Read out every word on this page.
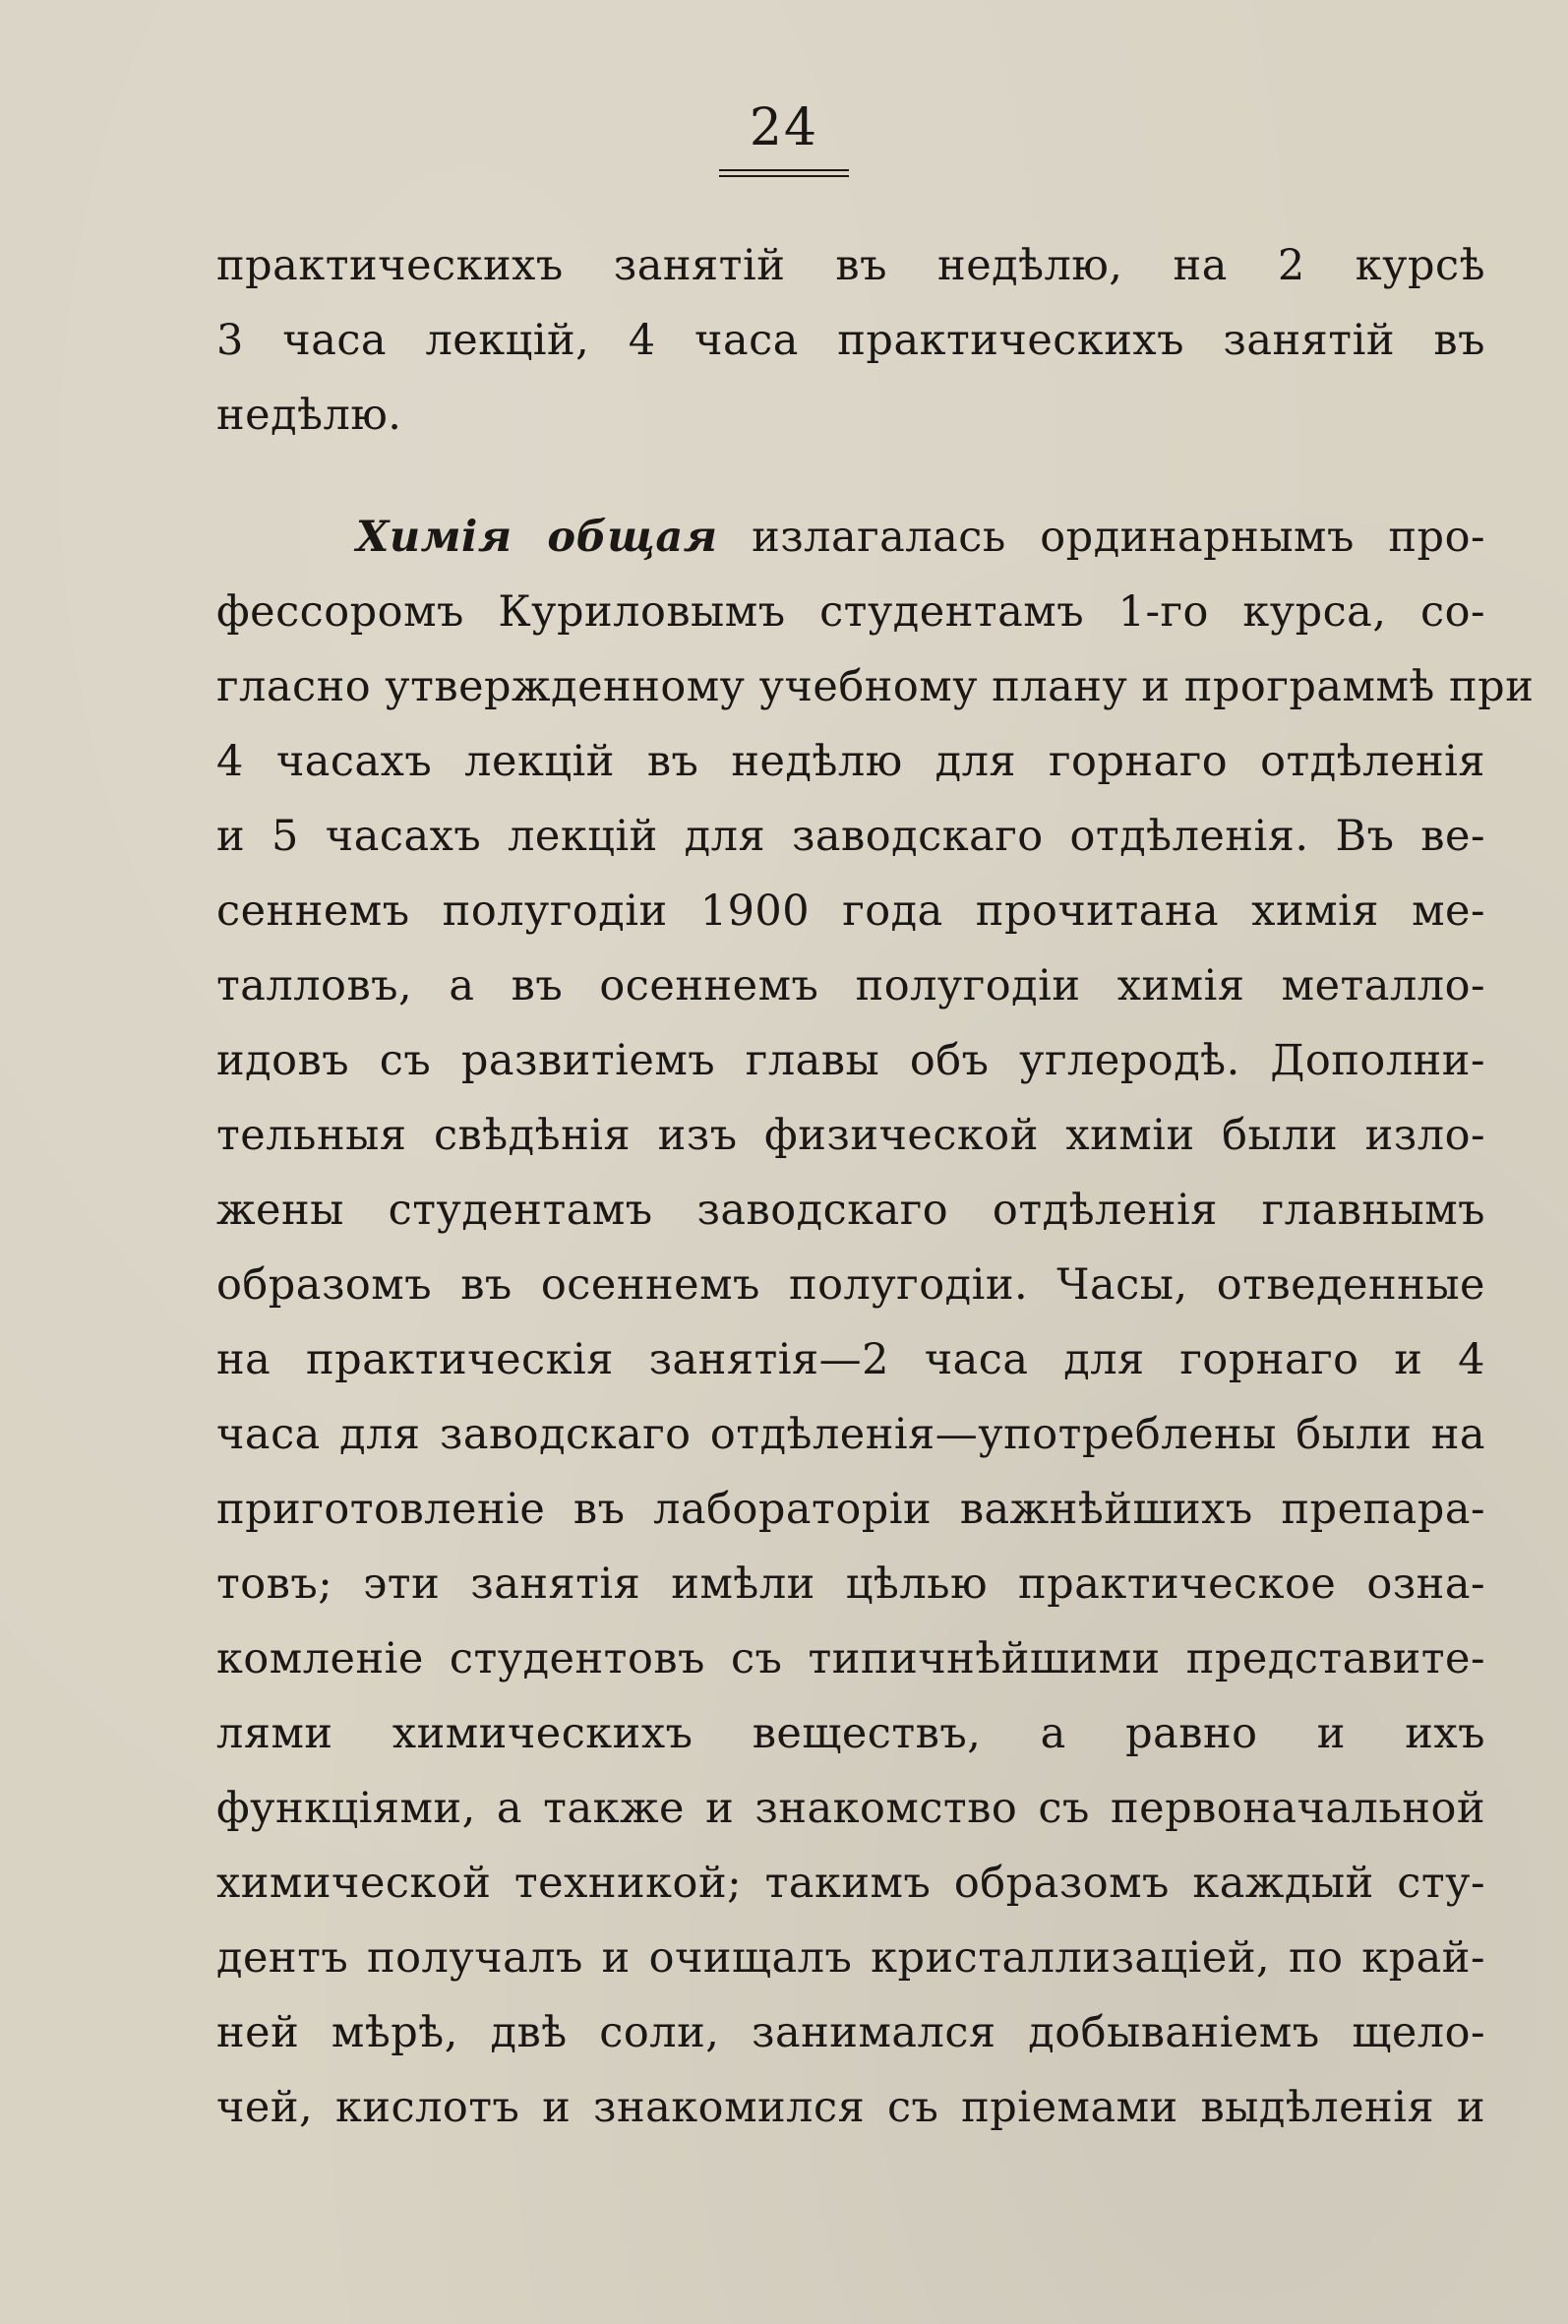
24
практическихъ занятій въ недѣлю, на 2 курсѣ
3 часа лекцій, 4 часа практическихъ занятій въ
недѣлю.
Химія общая излагалась ординарнымъ про-
фессоромъ Куриловымъ студентамъ 1-го курса, со-
гласно утвержденному учебному плану и программѣ при
4 часахъ лекцій въ недѣлю для горнаго отдѣленія
и 5 часахъ лекцій для заводскаго отдѣленія. Въ ве-
сеннемъ полугодіи 1900 года прочитана химія ме-
талловъ, а въ осеннемъ полугодіи химія металло-
идовъ съ развитіемъ главы объ углеродѣ. Дополни-
тельныя свѣдѣнія изъ физической химіи были изло-
жены студентамъ заводскаго отдѣленія главнымъ
образомъ въ осеннемъ полугодіи. Часы, отведенные
на практическія занятія—2 часа для горнаго и 4
часа для заводскаго отдѣленія—употреблены были на
приготовленіе въ лабораторіи важнѣйшихъ препара-
товъ; эти занятія имѣли цѣлью практическое озна-
комленіе студентовъ съ типичнѣйшими представите-
лями химическихъ веществъ, а равно и ихъ
функціями, а также и знакомство съ первоначальной
химической техникой; такимъ образомъ каждый сту-
дентъ получалъ и очищалъ кристаллизаціей, по край-
ней мѣрѣ, двѣ соли, занимался добываніемъ щело-
чей, кислотъ и знакомился съ пріемами выдѣленія и
